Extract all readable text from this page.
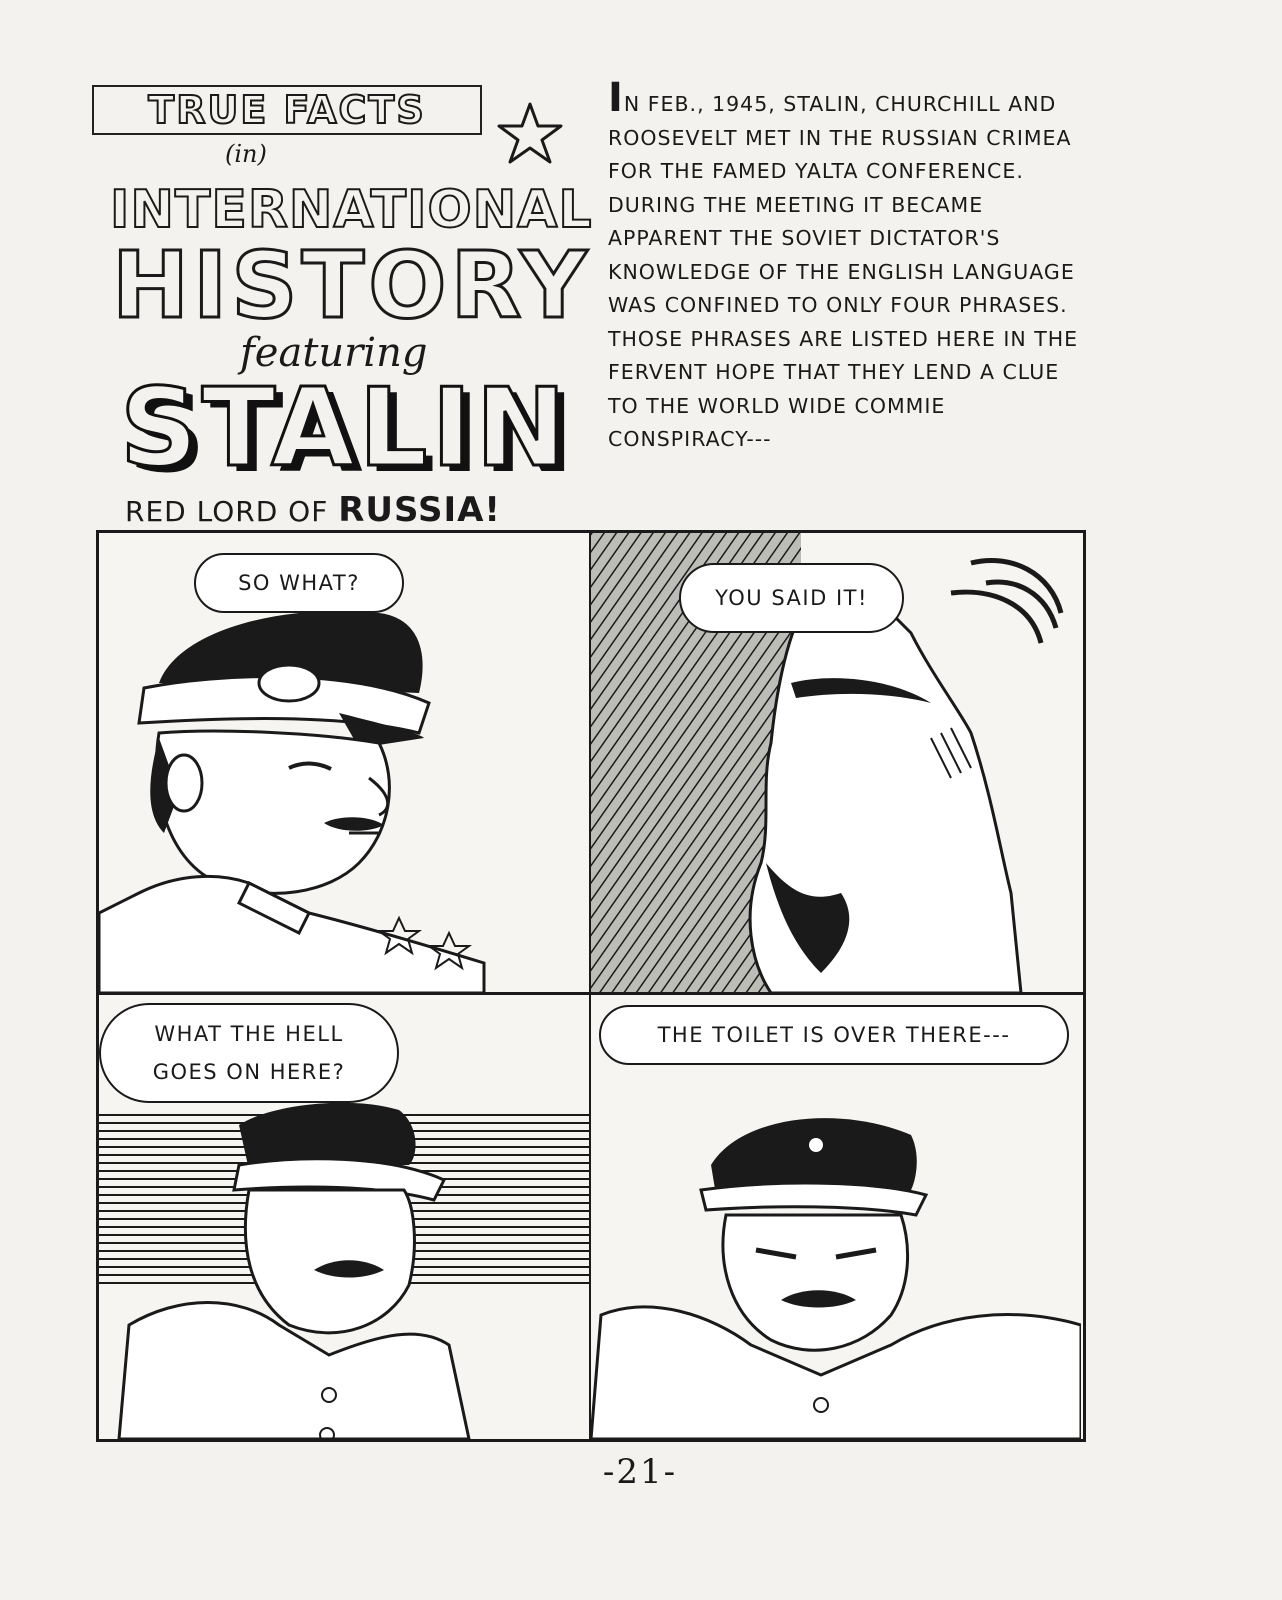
TRUE FACTS
(in)
INTERNATIONAL
HISTORY
featuring
STALIN
RED LORD OF RUSSIA!

IN FEB., 1945, STALIN, CHURCHILL AND ROOSEVELT MET IN THE RUSSIAN CRIMEA FOR THE FAMED YALTA CONFERENCE. DURING THE MEETING IT BECAME APPARENT THE SOVIET DICTATOR'S KNOWLEDGE OF THE ENGLISH LANGUAGE WAS CONFINED TO ONLY FOUR PHRASES. THOSE PHRASES ARE LISTED HERE IN THE FERVENT HOPE THAT THEY LEND A CLUE TO THE WORLD WIDE COMMIE CONSPIRACY---

SO WHAT?
YOU SAID IT!
WHAT THE HELL
GOES ON HERE?
THE TOILET IS OVER THERE---
-21-
